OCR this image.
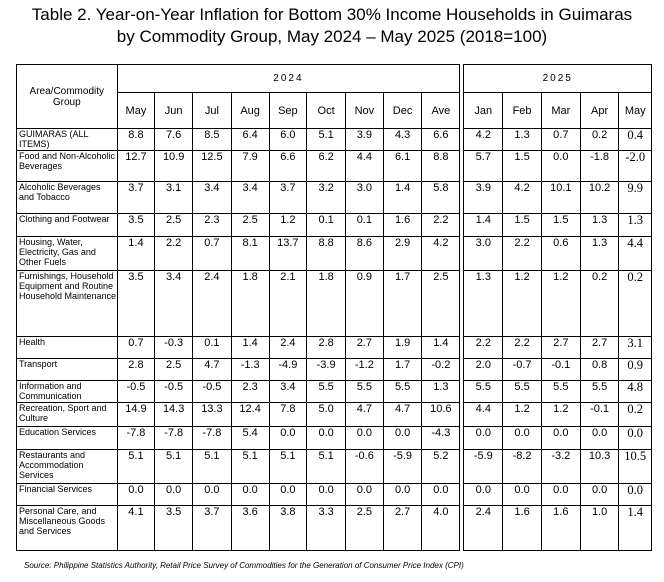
Table 2. Year-on-Year Inflation for Bottom 30% Income Households in Guimaras
by Commodity Group, May 2024 – May 2025 (2018=100)
Area/Commodity Group	2024										2025				
	May	Jun	Jul	Aug	Sep	Oct	Nov	Dec	Ave		Jan	Feb	Mar	Apr	May
GUIMARAS (ALL ITEMS)	8.8	7.6	8.5	6.4	6.0	5.1	3.9	4.3	6.6		4.2	1.3	0.7	0.2	0.4
Food and Non-Alcoholic Beverages	12.7	10.9	12.5	7.9	6.6	6.2	4.4	6.1	8.8		5.7	1.5	0.0	-1.8	-2.0
Alcoholic Beverages and Tobacco	3.7	3.1	3.4	3.4	3.7	3.2	3.0	1.4	5.8		3.9	4.2	10.1	10.2	9.9
Clothing and Footwear	3.5	2.5	2.3	2.5	1.2	0.1	0.1	1.6	2.2		1.4	1.5	1.5	1.3	1.3
Housing, Water, Electricity, Gas and Other Fuels	1.4	2.2	0.7	8.1	13.7	8.8	8.6	2.9	4.2		3.0	2.2	0.6	1.3	4.4
Furnishings, Household Equipment and Routine Household Maintenance	3.5	3.4	2.4	1.8	2.1	1.8	0.9	1.7	2.5		1.3	1.2	1.2	0.2	0.2
Health	0.7	-0.3	0.1	1.4	2.4	2.8	2.7	1.9	1.4		2.2	2.2	2.7	2.7	3.1
Transport	2.8	2.5	4.7	-1.3	-4.9	-3.9	-1.2	1.7	-0.2		2.0	-0.7	-0.1	0.8	0.9
Information and Communication	-0.5	-0.5	-0.5	2.3	3.4	5.5	5.5	5.5	1.3		5.5	5.5	5.5	5.5	4.8
Recreation, Sport and Culture	14.9	14.3	13.3	12.4	7.8	5.0	4.7	4.7	10.6		4.4	1.2	1.2	-0.1	0.2
Education Services	-7.8	-7.8	-7.8	5.4	0.0	0.0	0.0	0.0	-4.3		0.0	0.0	0.0	0.0	0.0
Restaurants and Accommodation Services	5.1	5.1	5.1	5.1	5.1	5.1	-0.6	-5.9	5.2		-5.9	-8.2	-3.2	10.3	10.5
Financial Services	0.0	0.0	0.0	0.0	0.0	0.0	0.0	0.0	0.0		0.0	0.0	0.0	0.0	0.0
Personal Care, and Miscellaneous Goods and Services	4.1	3.5	3.7	3.6	3.8	3.3	2.5	2.7	4.0		2.4	1.6	1.6	1.0	1.4
Source: Philippine Statistics Authority, Retail Price Survey of Commodities for the Generation of Consumer Price Index (CPI)
